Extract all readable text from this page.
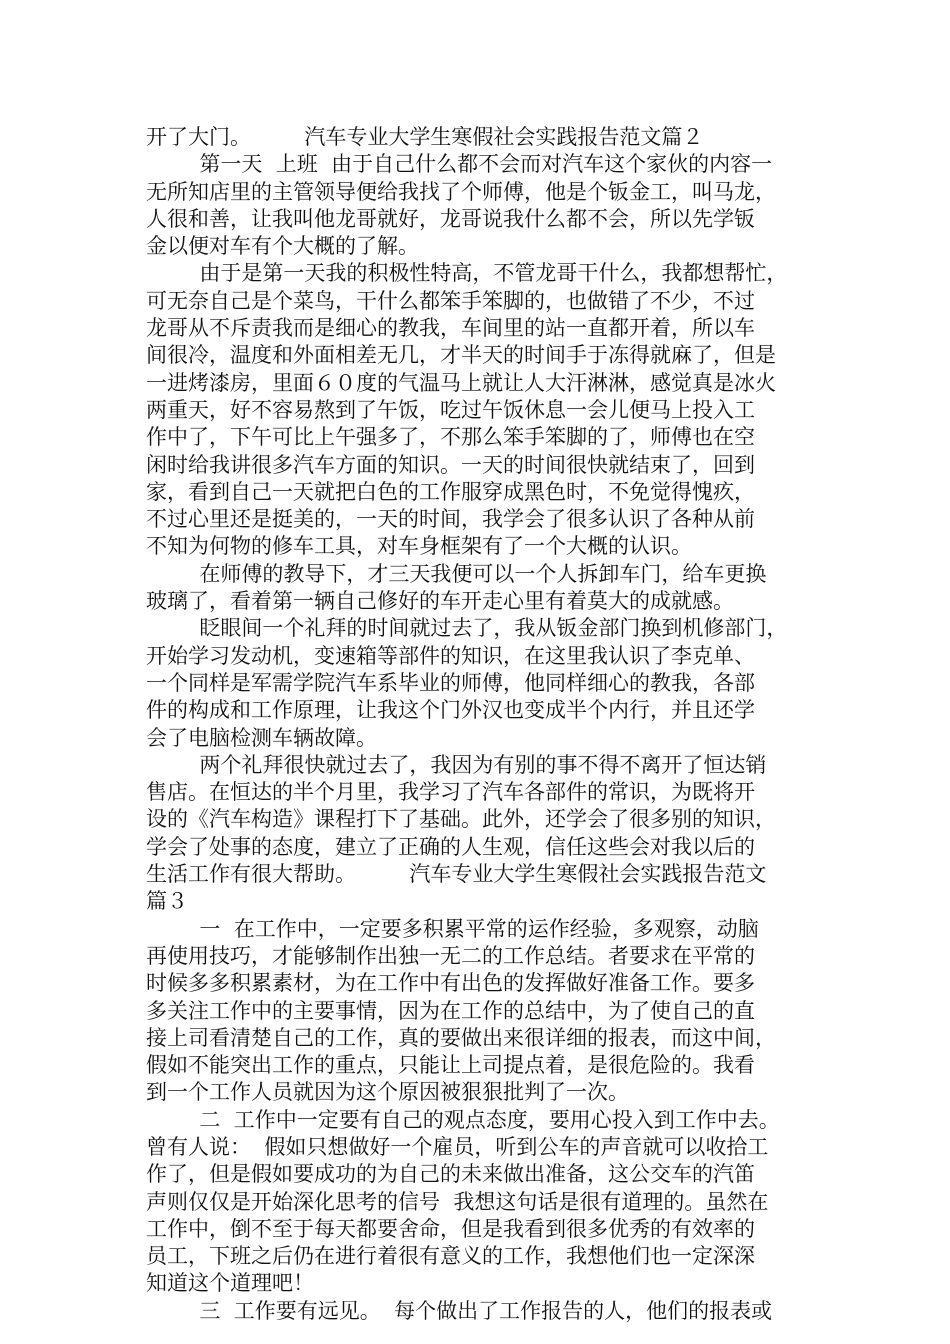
开了大门。        汽车专业大学生寒假社会实践报告范文篇２
第一天  上班  由于自己什么都不会而对汽车这个家伙的内容一
无所知店里的主管领导便给我找了个师傅，他是个钣金工，叫马龙，
人很和善，让我叫他龙哥就好，龙哥说我什么都不会，所以先学钣
金以便对车有个大概的了解。
由于是第一天我的积极性特高，不管龙哥干什么，我都想帮忙，
可无奈自己是个菜鸟，干什么都笨手笨脚的，也做错了不少，不过
龙哥从不斥责我而是细心的教我，车间里的站一直都开着，所以车
间很冷，温度和外面相差无几，才半天的时间手于冻得就麻了，但是
一进烤漆房，里面６０度的气温马上就让人大汗淋淋，感觉真是冰火
两重天，好不容易熬到了午饭，吃过午饭休息一会儿便马上投入工
作中了，下午可比上午强多了，不那么笨手笨脚的了，师傅也在空
闲时给我讲很多汽车方面的知识。一天的时间很快就结束了，回到
家，看到自己一天就把白色的工作服穿成黑色时，不免觉得愧疚，
不过心里还是挺美的，一天的时间，我学会了很多认识了各种从前
不知为何物的修车工具，对车身框架有了一个大概的认识。
在师傅的教导下，才三天我便可以一个人拆卸车门，给车更换
玻璃了，看着第一辆自己修好的车开走心里有着莫大的成就感。
眨眼间一个礼拜的时间就过去了，我从钣金部门换到机修部门，
开始学习发动机，变速箱等部件的知识，在这里我认识了李克单、
一个同样是军需学院汽车系毕业的师傅，他同样细心的教我，各部
件的构成和工作原理，让我这个门外汉也变成半个内行，并且还学
会了电脑检测车辆故障。
两个礼拜很快就过去了，我因为有别的事不得不离开了恒达销
售店。在恒达的半个月里，我学习了汽车各部件的常识，为既将开
设的《汽车构造》课程打下了基础。此外，还学会了很多别的知识，
学会了处事的态度，建立了正确的人生观，信任这些会对我以后的
生活工作有很大帮助。        汽车专业大学生寒假社会实践报告范文
篇３
一  在工作中，一定要多积累平常的运作经验，多观察，动脑
再使用技巧，才能够制作出独一无二的工作总结。者要求在平常的
时候多多积累素材，为在工作中有出色的发挥做好准备工作。要多
多关注工作中的主要事情，因为在工作的总结中，为了使自己的直
接上司看清楚自己的工作，真的要做出来很详细的报表，而这中间，
假如不能突出工作的重点，只能让上司提点着，是很危险的。我看
到一个工作人员就因为这个原因被狠狠批判了一次。
二  工作中一定要有自己的观点态度，要用心投入到工作中去。
曾有人说：  假如只想做好一个雇员，听到公车的声音就可以收拾工
作了，但是假如要成功的为自己的未来做出准备，这公交车的汽笛
声则仅仅是开始深化思考的信号  我想这句话是很有道理的。虽然在
工作中，倒不至于每天都要舍命，但是我看到很多优秀的有效率的
员工，下班之后仍在进行着很有意义的工作，我想他们也一定深深
知道这个道理吧！
三  工作要有远见。  每个做出了工作报告的人，他们的报表或
